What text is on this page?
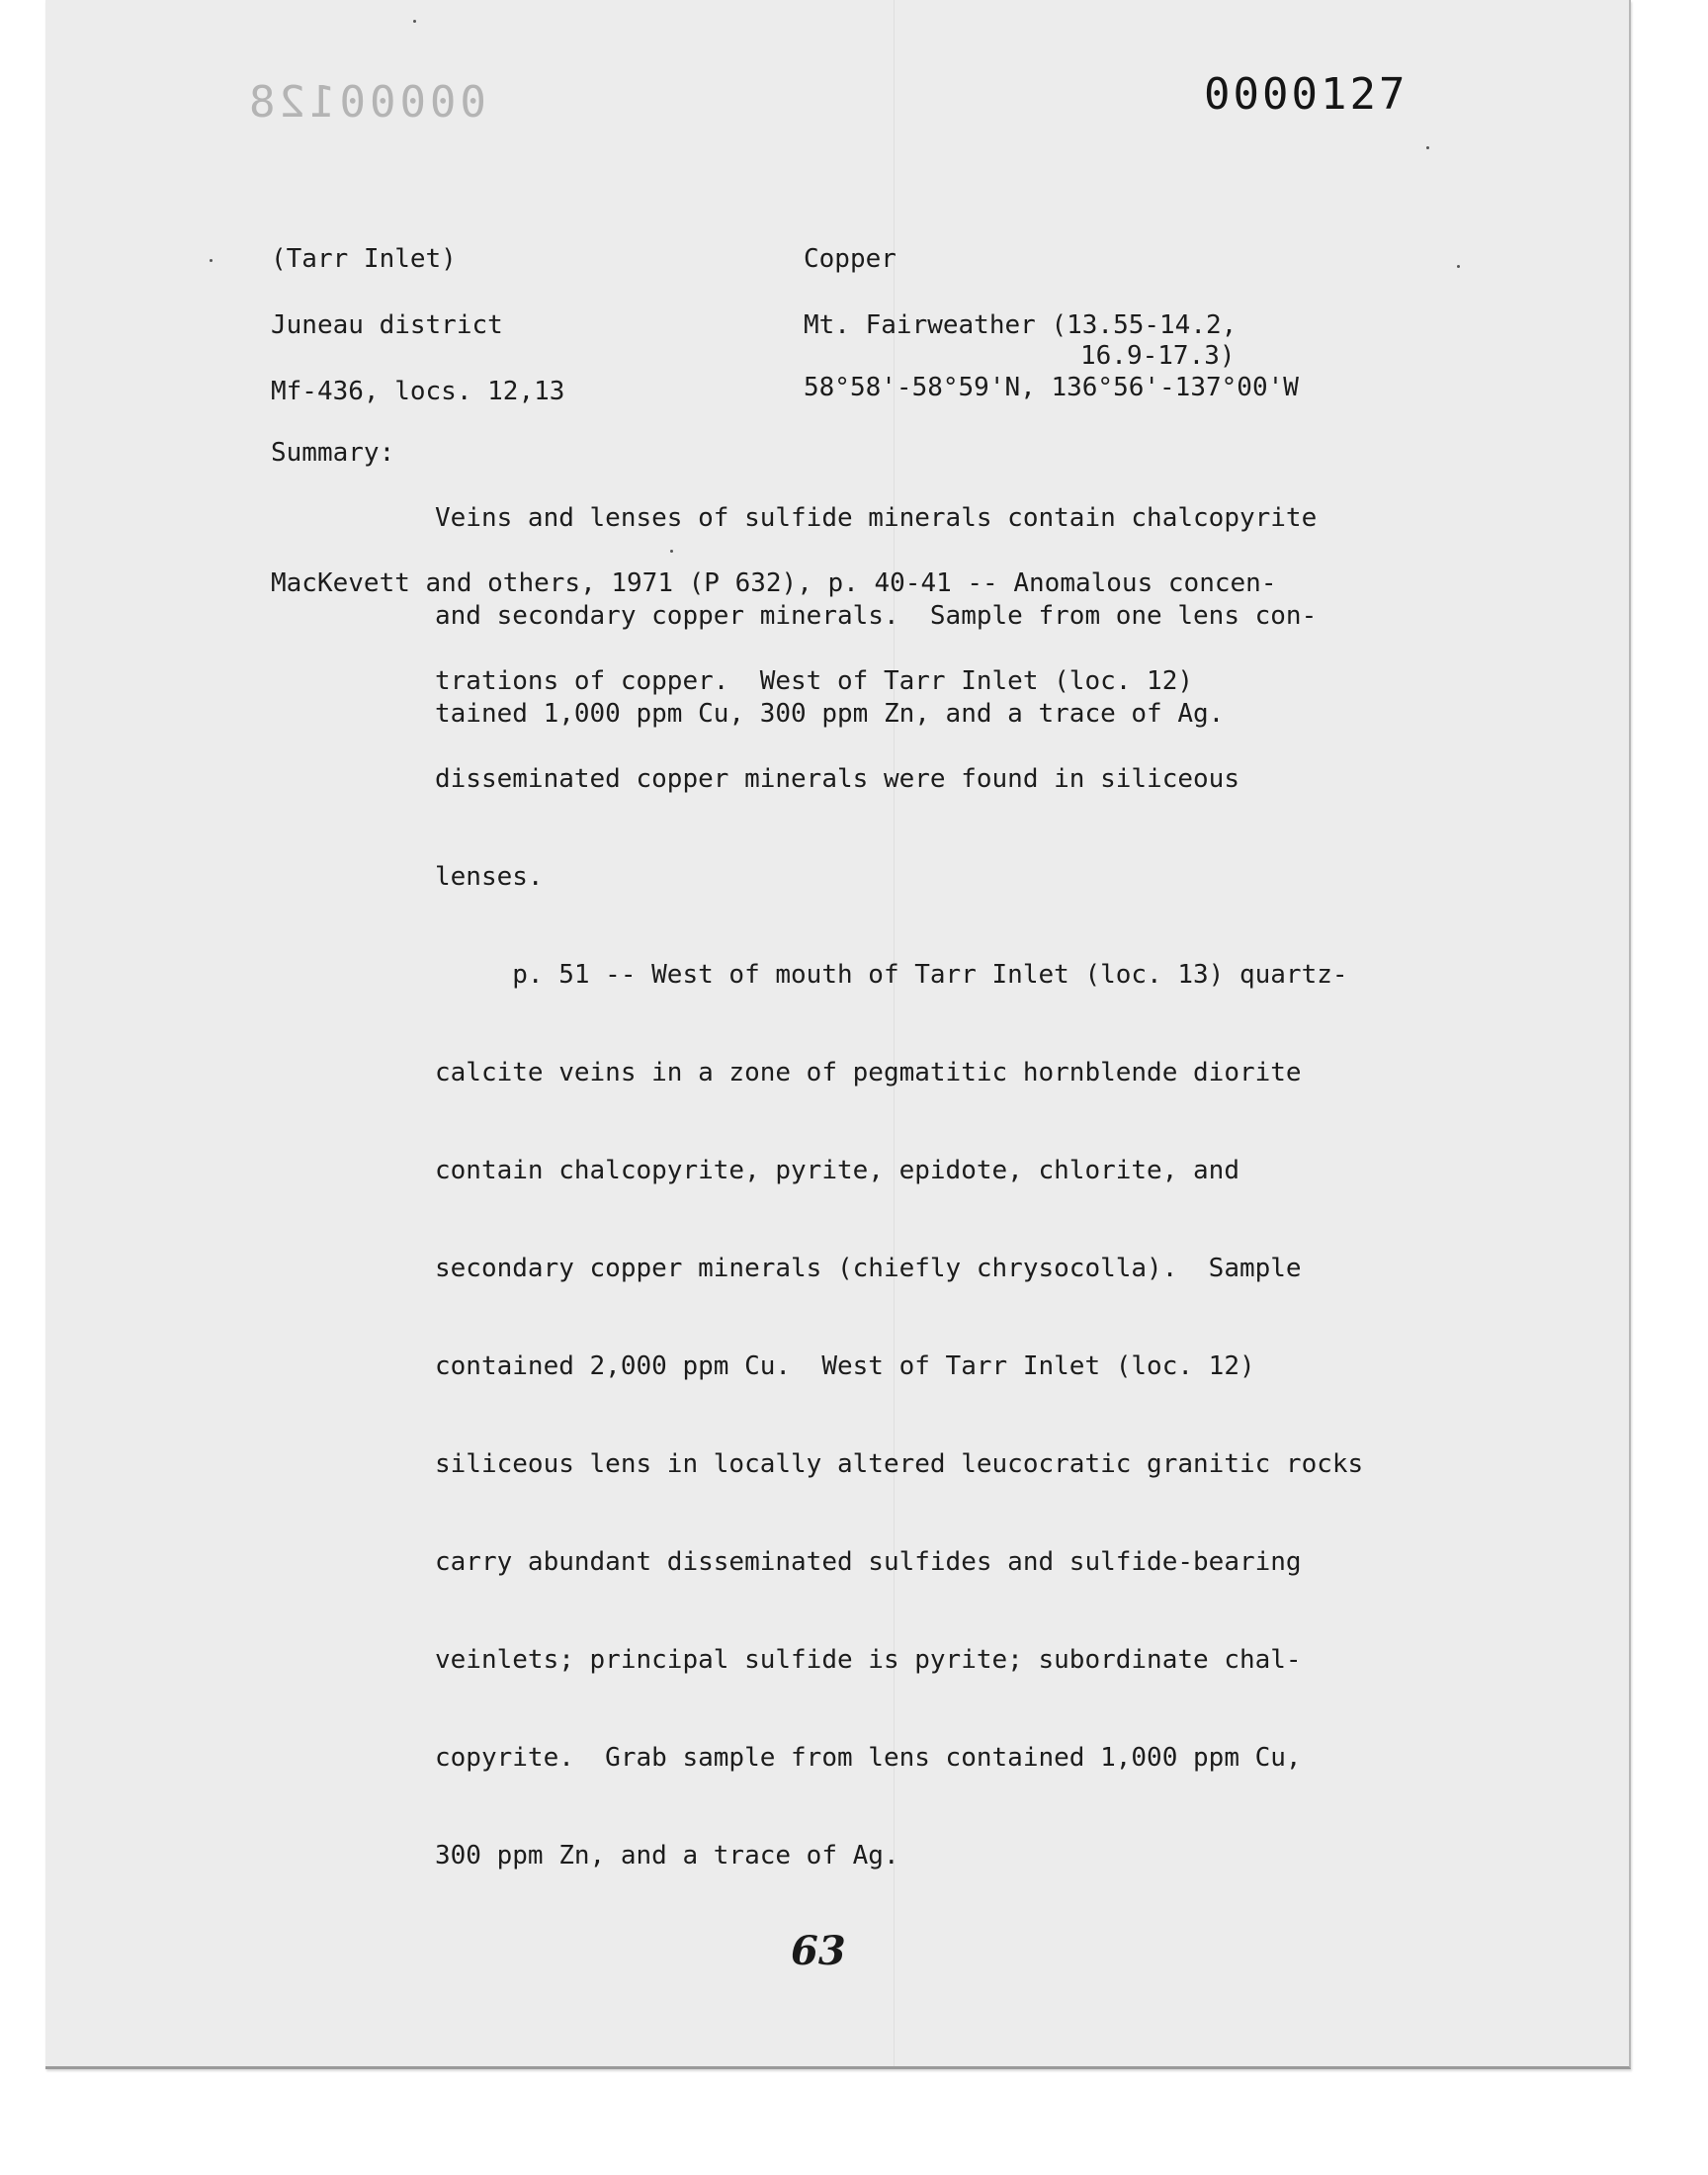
00000128	0000127
(Tarr Inlet)	Copper
Juneau district	Mt. Fairweather (13.55-14.2,
16.9-17.3)
Mf-436, locs. 12,13	58°58'-58°59'N, 136°56'-137°00'W
Summary:

Veins and lenses of sulfide minerals contain chalcopyrite

and secondary copper minerals.  Sample from one lens con-

tained 1,000 ppm Cu, 300 ppm Zn, and a trace of Ag.

MacKevett and others, 1971 (P 632), p. 40-41 -- Anomalous concen-

trations of copper.  West of Tarr Inlet (loc. 12)

disseminated copper minerals were found in siliceous

lenses.

p. 51 -- West of mouth of Tarr Inlet (loc. 13) quartz-

calcite veins in a zone of pegmatitic hornblende diorite

contain chalcopyrite, pyrite, epidote, chlorite, and

secondary copper minerals (chiefly chrysocolla).  Sample

contained 2,000 ppm Cu.  West of Tarr Inlet (loc. 12)

siliceous lens in locally altered leucocratic granitic rocks

carry abundant disseminated sulfides and sulfide-bearing

veinlets; principal sulfide is pyrite; subordinate chal-

copyrite.  Grab sample from lens contained 1,000 ppm Cu,

300 ppm Zn, and a trace of Ag.

63
